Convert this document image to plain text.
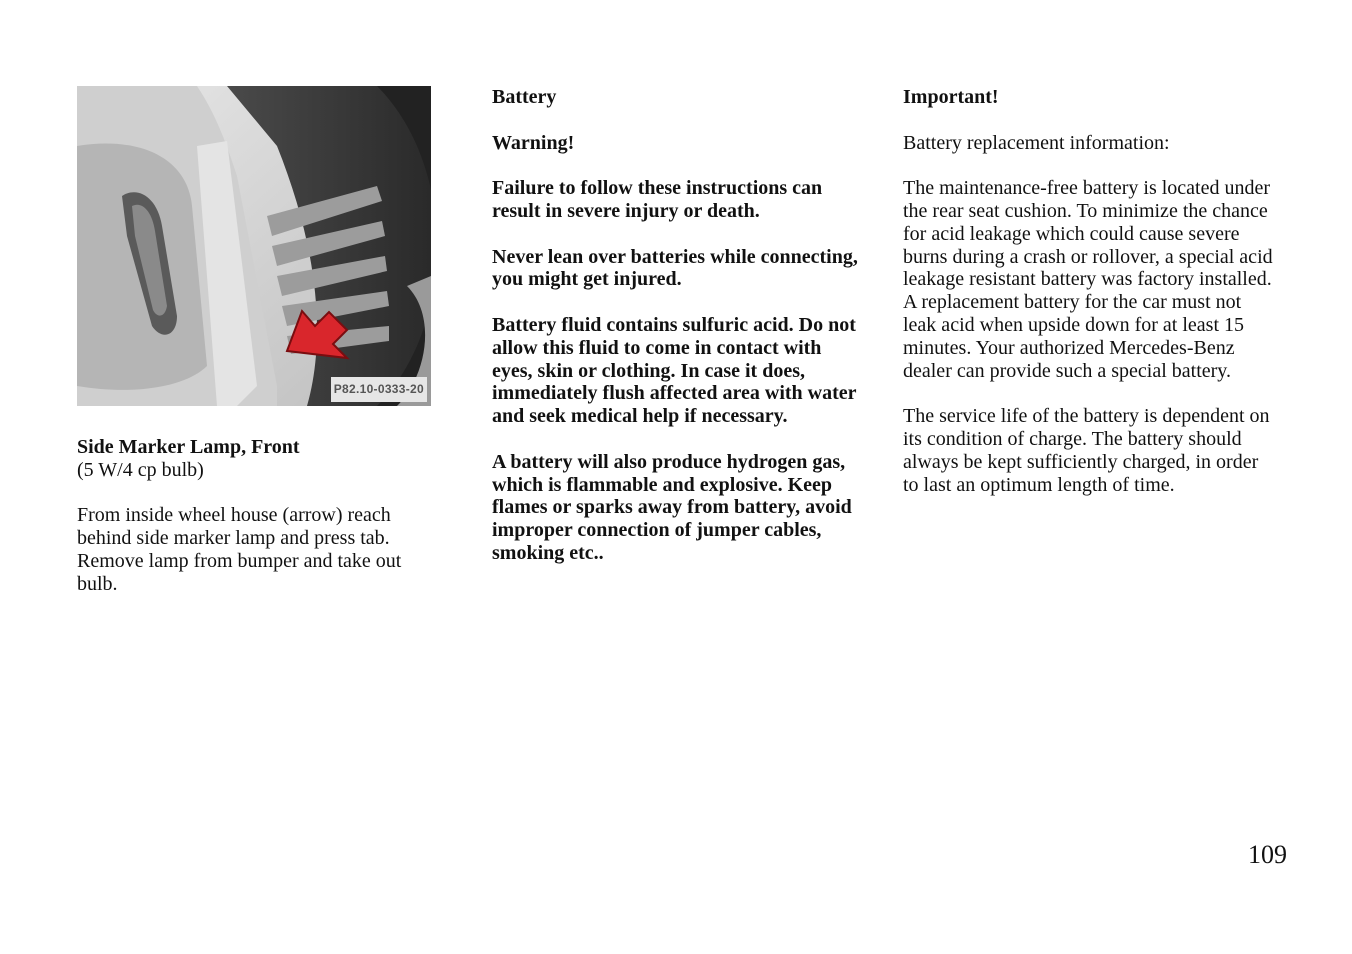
P82.10-0333-20

Side Marker Lamp, Front

(5 W/4 cp bulb)

From inside wheel house (arrow) reach behind side marker lamp and press tab. Remove lamp from bumper and take out bulb.

Battery

Warning!

Failure to follow these instructions can result in severe injury or death.

Never lean over batteries while connecting, you might get injured.

Battery fluid contains sulfuric acid. Do not allow this fluid to come in contact with eyes, skin or clothing. In case it does, immediately flush affected area with water and seek medical help if necessary.

A battery will also produce hydrogen gas, which is flammable and explosive. Keep flames or sparks away from battery, avoid improper connection of jumper cables, smoking etc..

Important!

Battery replacement information:

The maintenance-free battery is located under the rear seat cushion. To minimize the chance for acid leakage which could cause severe burns during a crash or rollover, a special acid leakage resistant battery was factory installed. A replacement battery for the car must not leak acid when upside down for at least 15 minutes. Your authorized Mercedes-Benz dealer can provide such a special battery.

The service life of the battery is dependent on its condition of charge. The battery should always be kept sufficiently charged, in order to last an optimum length of time.

109
